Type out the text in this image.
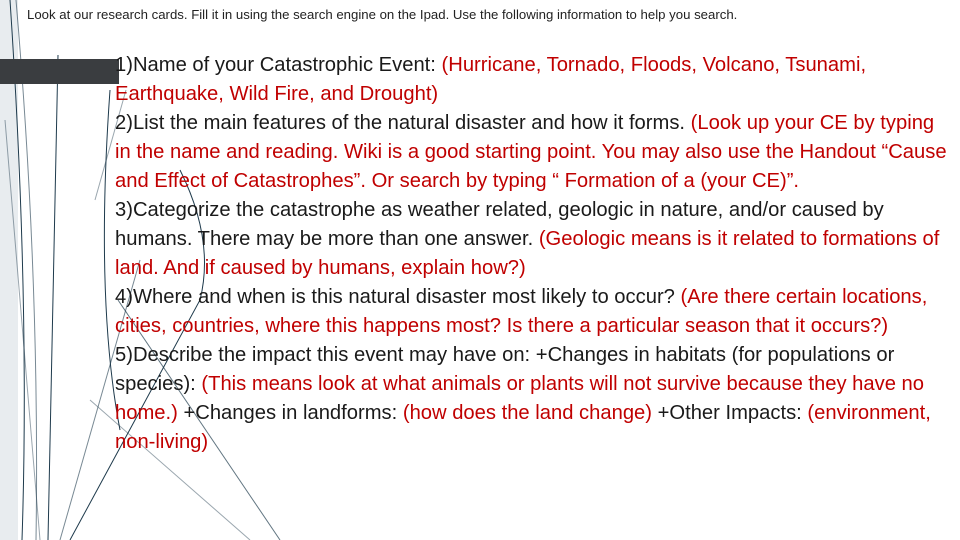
Look at our research cards. Fill it in using the search engine on the Ipad. Use the following information to help you search.

1)Name of your Catastrophic Event: (Hurricane, Tornado, Floods, Volcano, Tsunami, Earthquake, Wild Fire, and Drought)

2)List the main features of the natural disaster and how it forms. (Look up your CE by typing in the name and reading. Wiki is a good starting point. You may also use the Handout “Cause and Effect of Catastrophes”. Or search by typing “ Formation of a (your CE)”.

3)Categorize the catastrophe as weather related, geologic in nature, and/or caused by humans. There may be more than one answer. (Geologic means is it related to formations of land. And if caused by humans, explain how?)

4)Where and when is this natural disaster most likely to occur? (Are there certain locations, cities, countries, where this happens most? Is there a particular season that it occurs?)

5)Describe the impact this event may have on: +Changes in habitats (for populations or species): (This means look at what animals or plants will not survive because they have no home.) +Changes in landforms: (how does the land change) +Other Impacts: (environment, non-living)
